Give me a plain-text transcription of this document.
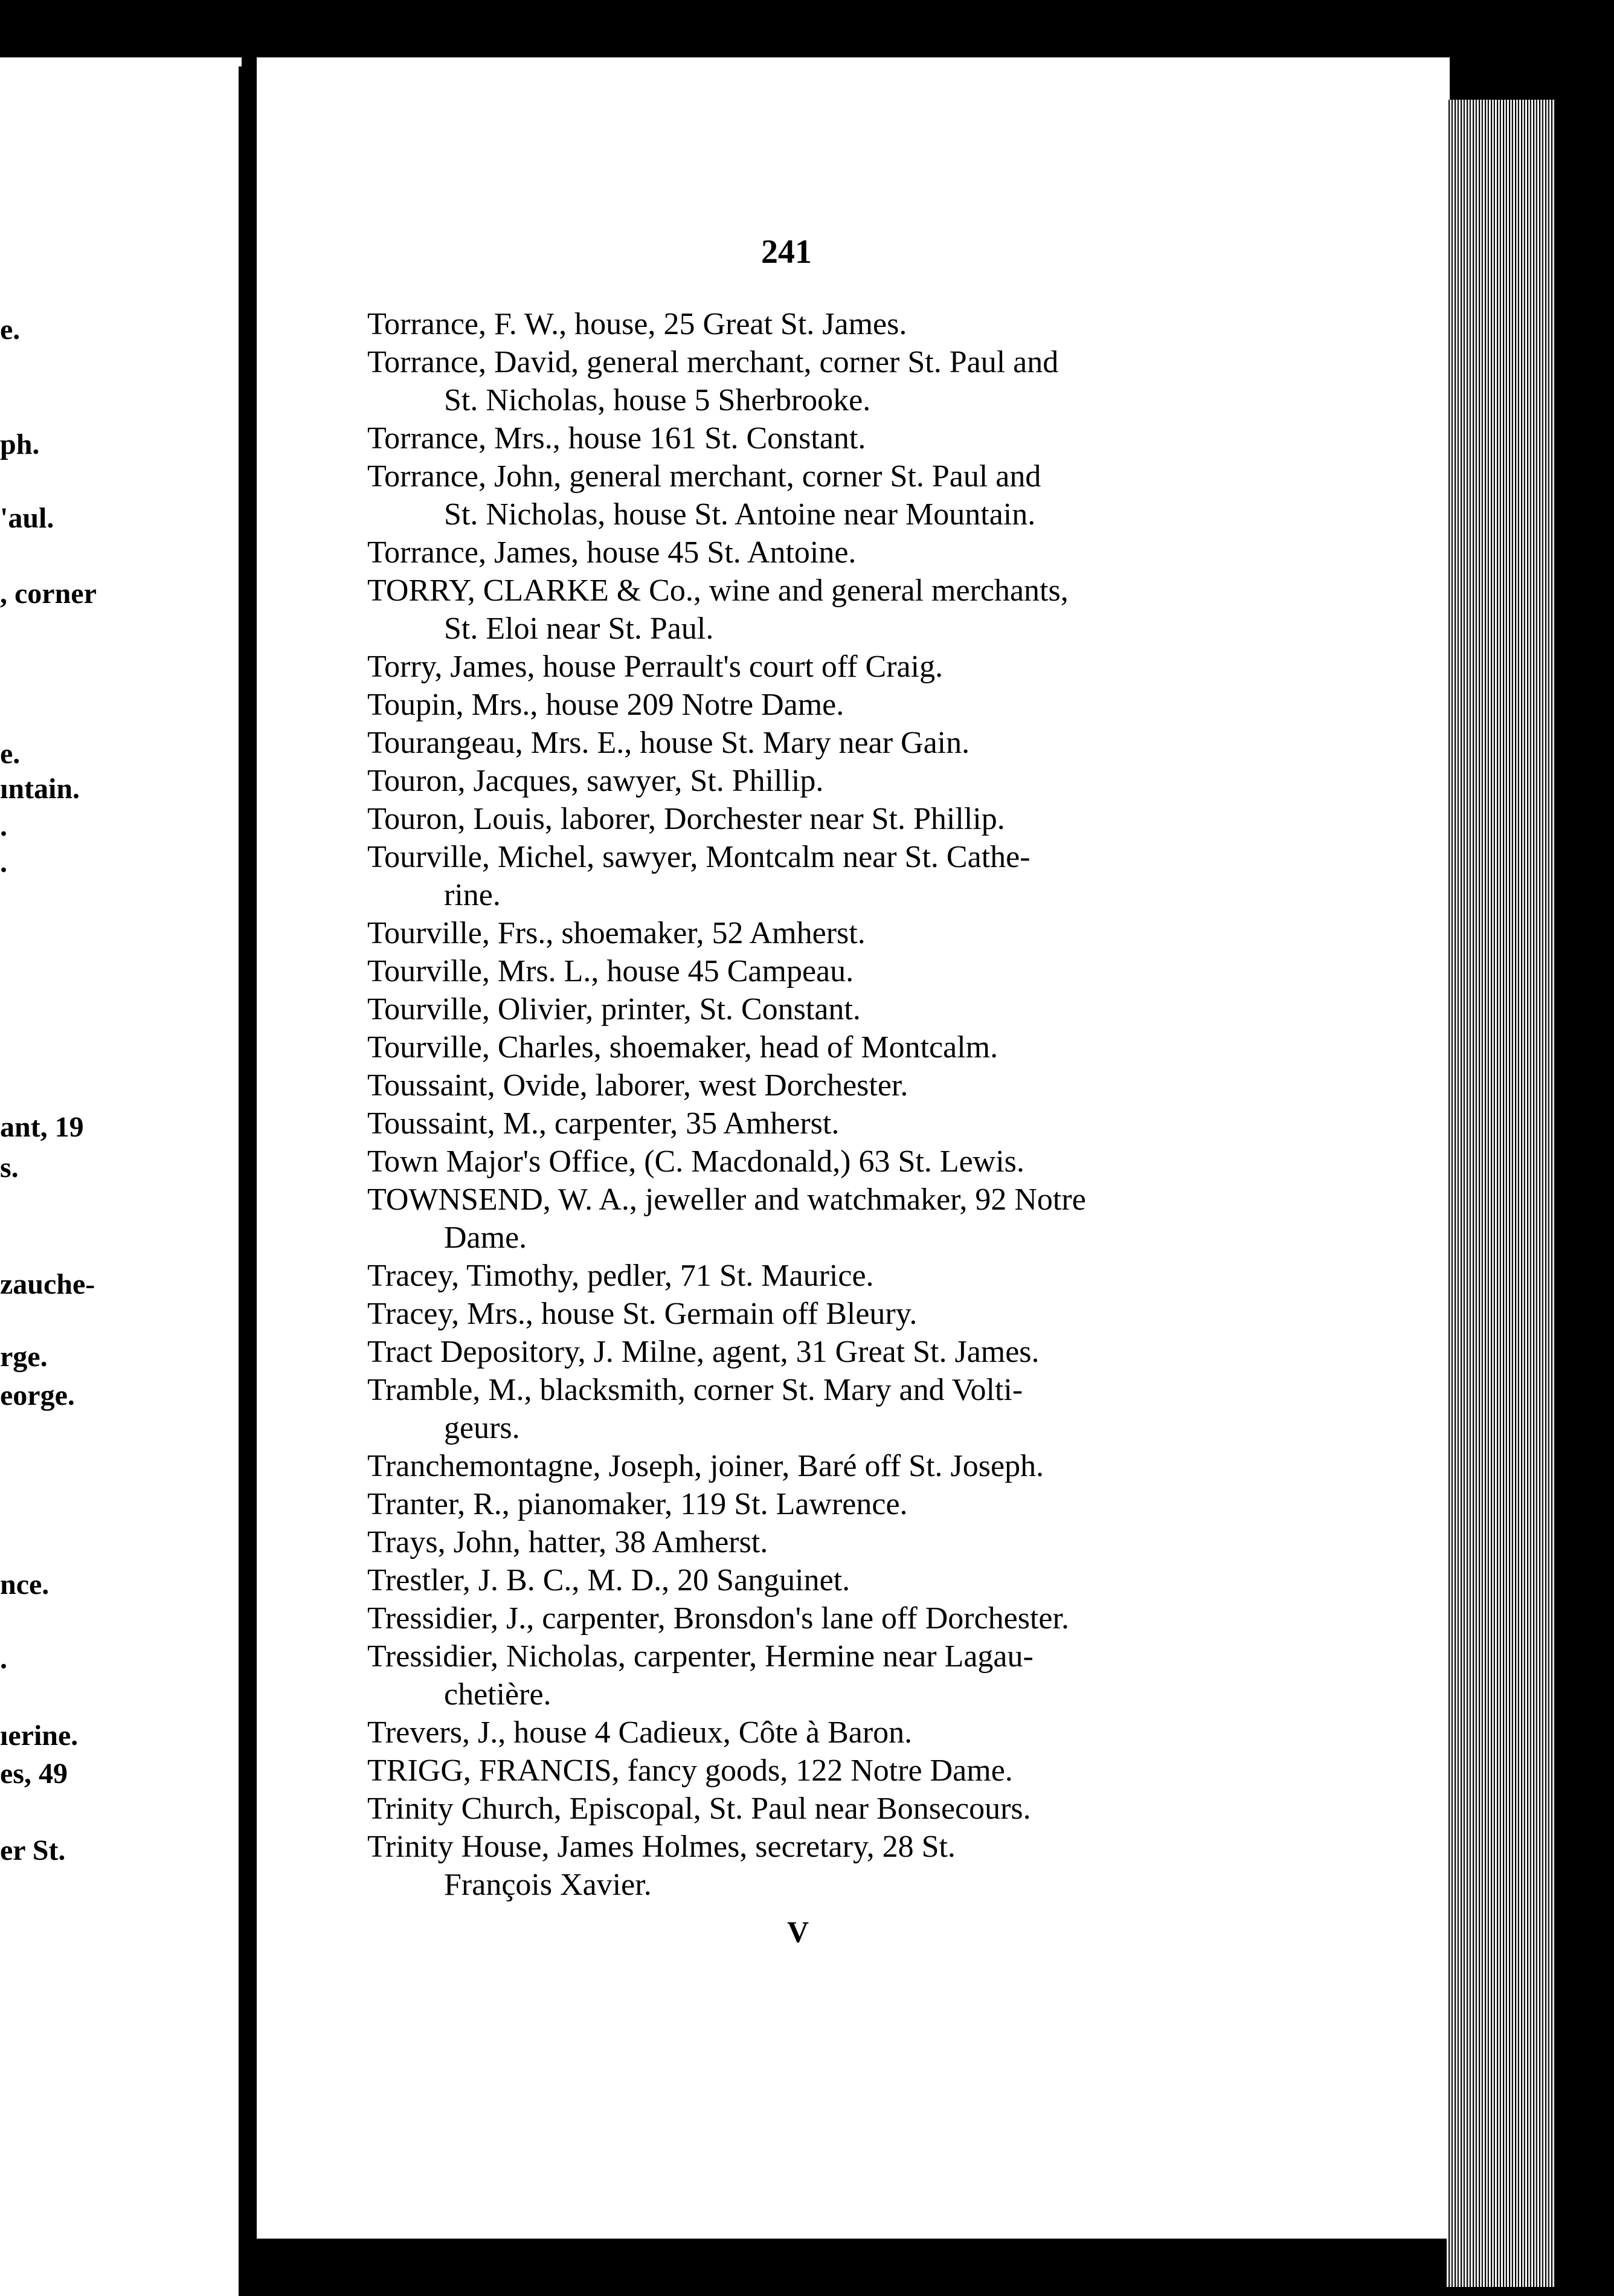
e.
ph.
'aul.
, corner
e.
ıntain.
.
.
ant, 19
s.
zauche-
rge.
eorge.
nce.
.
ıerine.
es, 49
er St.
241
Torrance, F. W., house, 25 Great St. James.
Torrance, David, general merchant, corner St. Paul and
St. Nicholas, house 5 Sherbrooke.
Torrance, Mrs., house 161 St. Constant.
Torrance, John, general merchant, corner St. Paul and
St. Nicholas, house St. Antoine near Mountain.
Torrance, James, house 45 St. Antoine.
TORRY, CLARKE & Co., wine and general merchants,
St. Eloi near St. Paul.
Torry, James, house Perrault's court off Craig.
Toupin, Mrs., house 209 Notre Dame.
Tourangeau, Mrs. E., house St. Mary near Gain.
Touron, Jacques, sawyer, St. Phillip.
Touron, Louis, laborer, Dorchester near St. Phillip.
Tourville, Michel, sawyer, Montcalm near St. Cathe-
rine.
Tourville, Frs., shoemaker, 52 Amherst.
Tourville, Mrs. L., house 45 Campeau.
Tourville, Olivier, printer, St. Constant.
Tourville, Charles, shoemaker, head of Montcalm.
Toussaint, Ovide, laborer, west Dorchester.
Toussaint, M., carpenter, 35 Amherst.
Town Major's Office, (C. Macdonald,) 63 St. Lewis.
TOWNSEND, W. A., jeweller and watchmaker, 92 Notre
Dame.
Tracey, Timothy, pedler, 71 St. Maurice.
Tracey, Mrs., house St. Germain off Bleury.
Tract Depository, J. Milne, agent, 31 Great St. James.
Tramble, M., blacksmith, corner St. Mary and Volti-
geurs.
Tranchemontagne, Joseph, joiner, Baré off St. Joseph.
Tranter, R., pianomaker, 119 St. Lawrence.
Trays, John, hatter, 38 Amherst.
Trestler, J. B. C., M. D., 20 Sanguinet.
Tressidier, J., carpenter, Bronsdon's lane off Dorchester.
Tressidier, Nicholas, carpenter, Hermine near Lagau-
chetière.
Trevers, J., house 4 Cadieux, Côte à Baron.
TRIGG, FRANCIS, fancy goods, 122 Notre Dame.
Trinity Church, Episcopal, St. Paul near Bonsecours.
Trinity House, James Holmes, secretary, 28 St.
François Xavier.
V
